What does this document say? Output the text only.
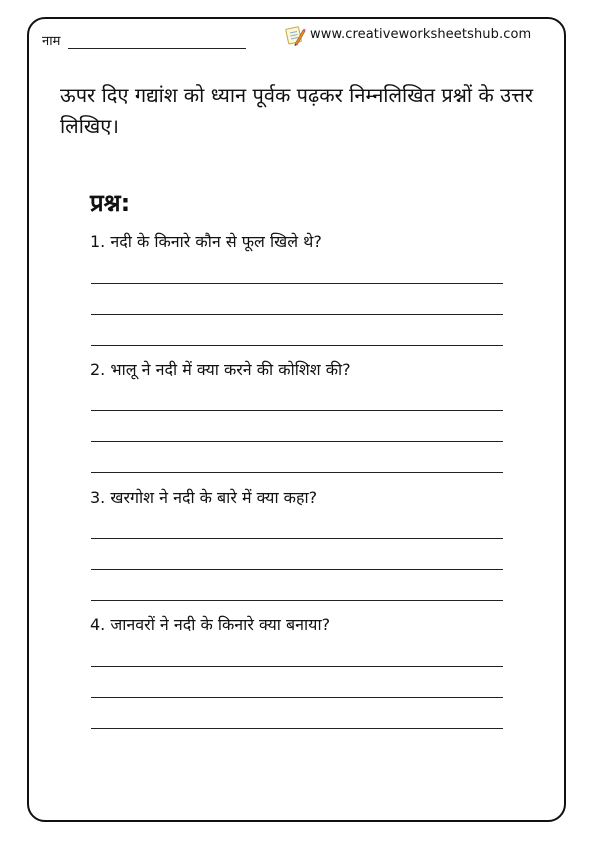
नाम	www.creativeworksheetshub.com
ऊपर दिए गद्यांश को ध्यान पूर्वक पढ़कर निम्नलिखित प्रश्नों के उत्तर लिखिए।
प्रश्न:
1. नदी के किनारे कौन से फूल खिले थे?
2. भालू ने नदी में क्या करने की कोशिश की?
3. खरगोश ने नदी के बारे में क्या कहा?
4. जानवरों ने नदी के किनारे क्या बनाया?
